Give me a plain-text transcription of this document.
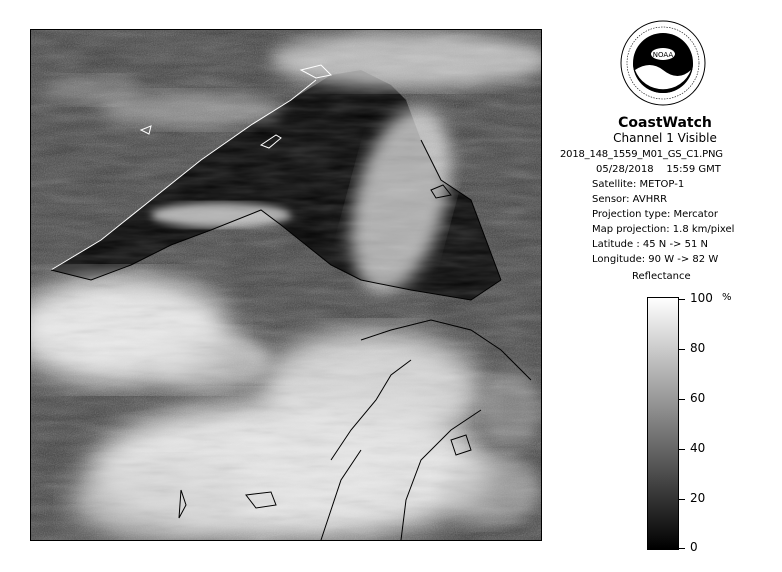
NOAA
CoastWatch
Channel 1 Visible
2018_148_1559_M01_GS_C1.PNG
05/28/2018 15:59 GMT
Satellite: METOP-1
Sensor: AVHRR
Projection type: Mercator
Map projection: 1.8 km/pixel
Latitude : 45 N -> 51 N
Longitude: 90 W -> 82 W
Reflectance
%
100
80
60
40
20
0
